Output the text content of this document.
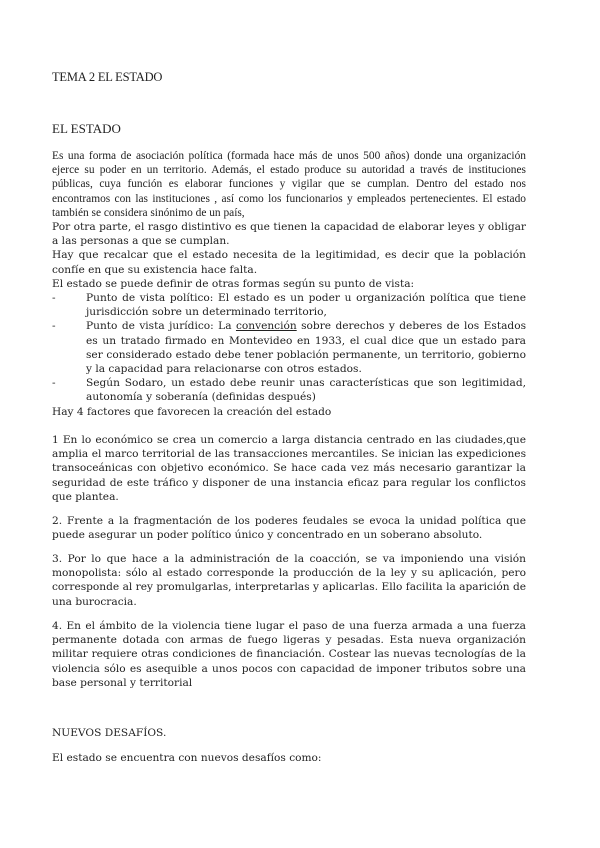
TEMA 2 EL ESTADO
EL ESTADO

Es una forma de asociación política (formada hace más de unos 500 años) donde una organización ejerce su poder en un territorio. Además, el estado produce su autoridad a través de instituciones públicas, cuya función es elaborar funciones y vigilar que se cumplan. Dentro del estado nos encontramos con las instituciones , así como los funcionarios y empleados pertenecientes. El estado también se considera sinónimo de un país,

Por otra parte, el rasgo distintivo es que tienen la capacidad de elaborar leyes y obligar a las personas a que se cumplan.

Hay que recalcar que el estado necesita de la legitimidad, es decir que la población confíe en que su existencia hace falta.

El estado se puede definir de otras formas según su punto de vista:

-	Punto de vista político: El estado es un poder u organización política que tiene jurisdicción sobre un determinado territorio,
-	Punto de vista jurídico: La convención sobre derechos y deberes de los Estados es un tratado firmado en Montevideo en 1933, el cual dice que un estado para ser considerado estado debe tener población permanente, un territorio, gobierno y la capacidad para relacionarse con otros estados.
-	Según Sodaro, un estado debe reunir unas características que son legitimidad, autonomía y soberanía (definidas después)

Hay 4 factores que favorecen la creación del estado

1 En lo económico se crea un comercio a larga distancia centrado en las ciudades,que amplia el marco territorial de las transacciones mercantiles. Se inician las expediciones transoceánicas con objetivo económico. Se hace cada vez más necesario garantizar la seguridad de este tráfico y disponer de una instancia eficaz para regular los conflictos que plantea.
2. Frente a la fragmentación de los poderes feudales se evoca la unidad política que puede asegurar un poder político único y concentrado en un soberano absoluto.
3. Por lo que hace a la administración de la coacción, se va imponiendo una visión monopolista: sólo al estado corresponde la producción de la ley y su aplicación, pero corresponde al rey promulgarlas, interpretarlas y aplicarlas. Ello facilita la aparición de una burocracia.
4. En el ámbito de la violencia tiene lugar el paso de una fuerza armada a una fuerza permanente dotada con armas de fuego ligeras y pesadas. Esta nueva organización militar requiere otras condiciones de financiación. Costear las nuevas tecnologías de la violencia sólo es asequible a unos pocos con capacidad de imponer tributos sobre una base personal y territorial
NUEVOS DESAFÍOS.
El estado se encuentra con nuevos desafíos como:
